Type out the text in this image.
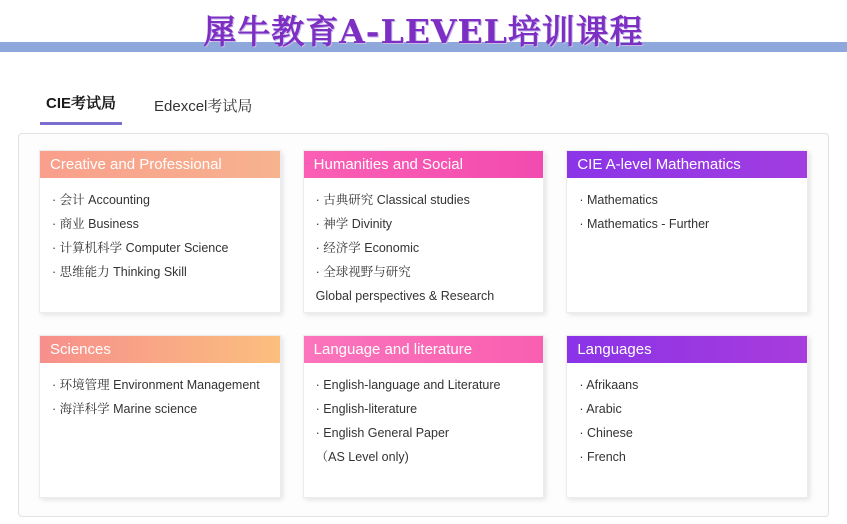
犀牛教育A-LEVEL培训课程
CIE考试局	Edexcel考试局
Creative and Professional
· 会计 Accounting
· 商业 Business
· 计算机科学 Computer Science
· 思维能力 Thinking Skill
Humanities and Social
· 古典研究 Classical studies
· 神学 Divinity
· 经济学 Economic
· 全球视野与研究
Global perspectives & Research
CIE A-level Mathematics
· Mathematics
· Mathematics - Further
Sciences
· 环境管理 Environment Management
· 海洋科学 Marine science
Language and literature
· English-language and Literature
· English-literature
· English General Paper
（AS Level only)
Languages
· Afrikaans
· Arabic
· Chinese
· French
